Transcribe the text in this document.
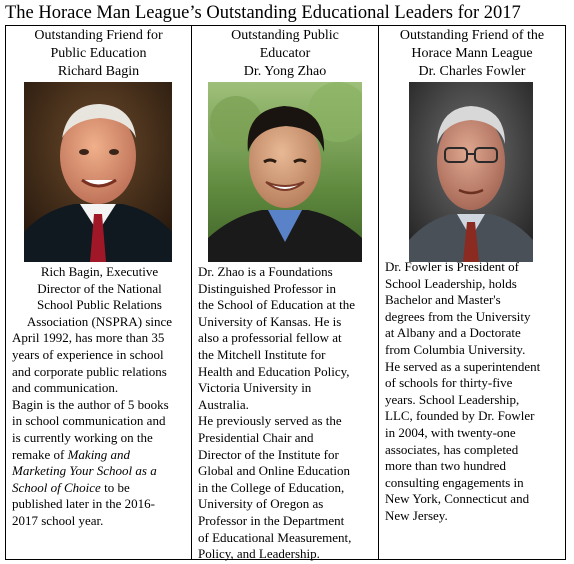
The Horace Man League’s Outstanding Educational Leaders for 2017
Outstanding Friend for
Public Education
Richard Bagin

Rich Bagin, Executive

Director of the National

School Public Relations

Association (NSPRA) since

April 1992, has more than 35

years of experience in school

and corporate public relations

and communication.

Bagin is the author of 5 books

in school communication and

is currently working on the

remake of Making and

Marketing Your School as a

School of Choice to be

published later in the 2016-

2017 school year.

Outstanding Public
Educator
Dr. Yong Zhao

Dr. Zhao is a Foundations

Distinguished Professor in

the School of Education at the

University of Kansas. He is

also a professorial fellow at

the Mitchell Institute for

Health and Education Policy,

Victoria University in

Australia.

He previously served as the

Presidential Chair and

Director of the Institute for

Global and Online Education

in the College of Education,

University of Oregon as

Professor in the Department

of Educational Measurement,

Policy, and Leadership.

Outstanding Friend of the
Horace Mann League
Dr. Charles Fowler

Dr. Fowler is President of

School Leadership, holds

Bachelor and Master's

degrees from the University

at Albany and a Doctorate

from Columbia University.

He served as a superintendent

of schools for thirty-five

years. School Leadership,

LLC, founded by Dr. Fowler

in 2004, with twenty-one

associates, has completed

more than two hundred

consulting engagements in

New York, Connecticut and

New Jersey.
